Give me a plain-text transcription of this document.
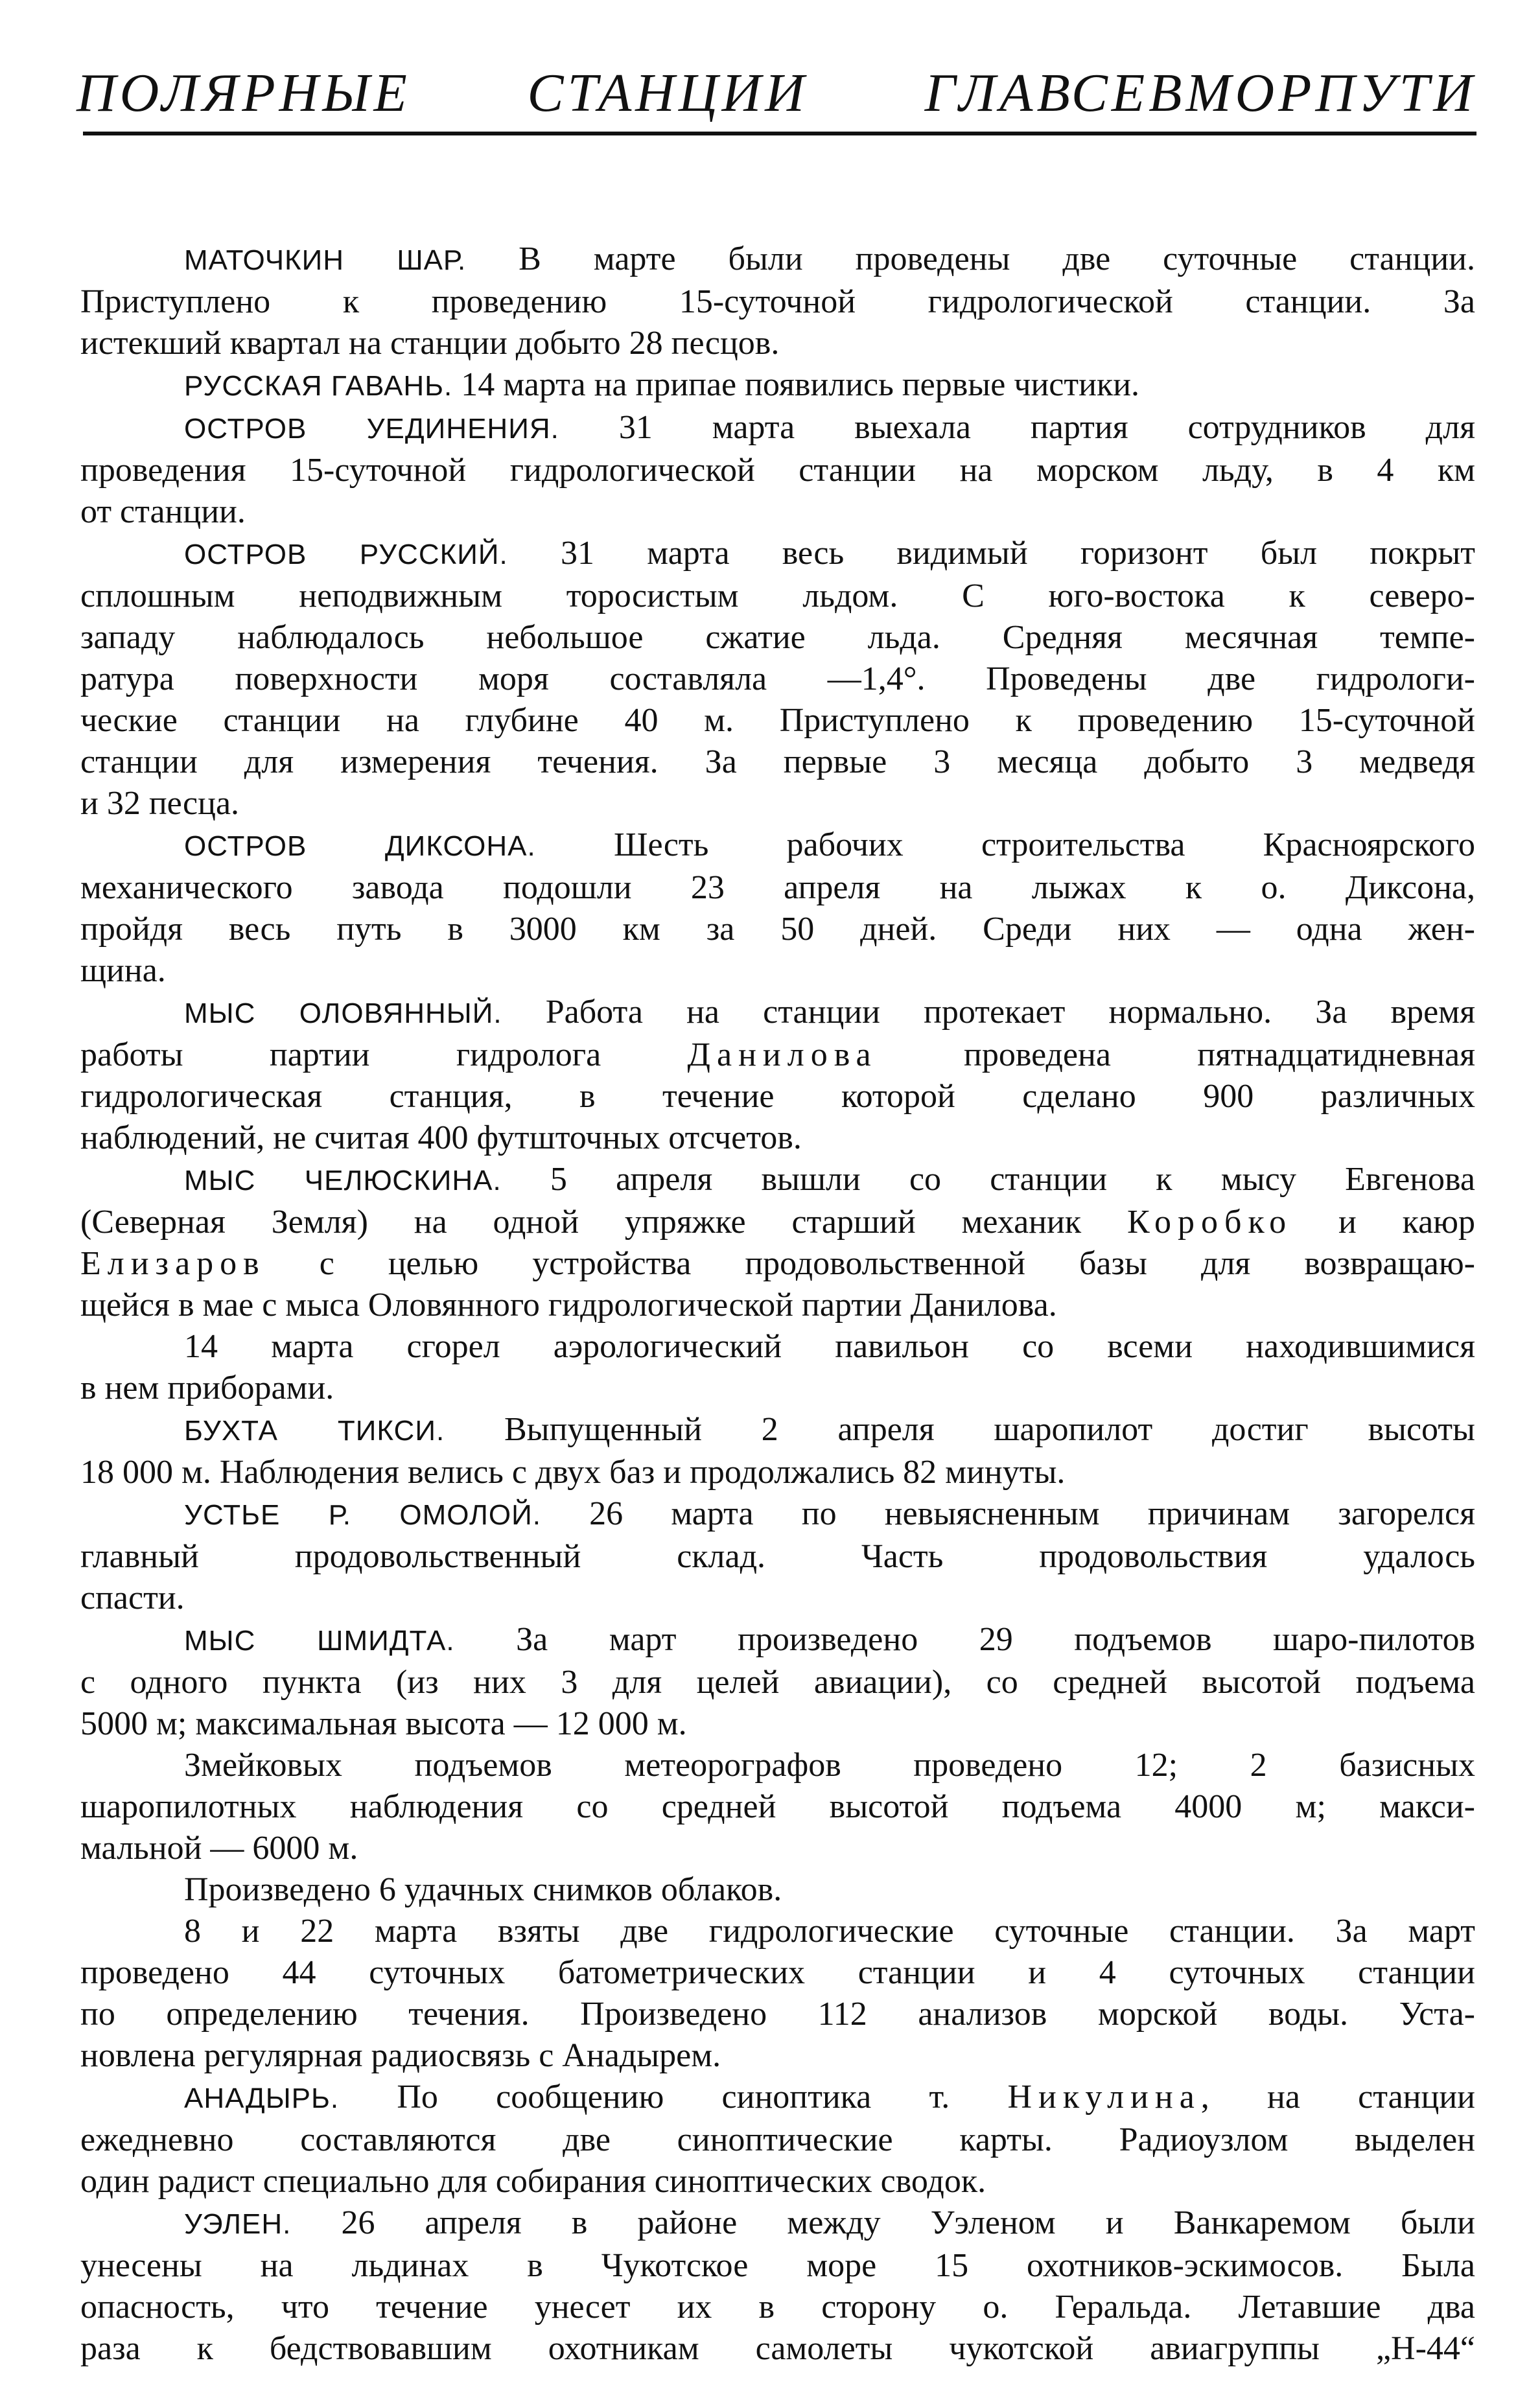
ПОЛЯРНЫЕ СТАНЦИИ ГЛАВСЕВМОРПУТИ
МАТОЧКИН ШАР. В марте были проведены две суточные станции.
Приступлено к проведению 15-суточной гидрологической станции. За
истекший квартал на станции добыто 28 песцов.
РУССКАЯ ГАВАНЬ. 14 марта на припае появились первые чистики.
ОСТРОВ УЕДИНЕНИЯ. 31 марта выехала партия сотрудников для
проведения 15-суточной гидрологической станции на морском льду, в 4 км
от станции.
ОСТРОВ РУССКИЙ. 31 марта весь видимый горизонт был покрыт
сплошным неподвижным торосистым льдом. С юго-востока к северо-
западу наблюдалось небольшое сжатие льда. Средняя месячная темпе-
ратура поверхности моря составляла —1,4°. Проведены две гидрологи-
ческие станции на глубине 40 м. Приступлено к проведению 15-суточной
станции для измерения течения. За первые 3 месяца добыто 3 медведя
и 32 песца.
ОСТРОВ ДИКСОНА. Шесть рабочих строительства Красноярского
механического завода подошли 23 апреля на лыжах к о. Диксона,
пройдя весь путь в 3000 км за 50 дней. Среди них — одна жен-
щина.
МЫС ОЛОВЯННЫЙ. Работа на станции протекает нормально. За время
работы партии гидролога Данилова проведена пятнадцатидневная
гидрологическая станция, в течение которой сделано 900 различных
наблюдений, не считая 400 футшточных отсчетов.
МЫС ЧЕЛЮСКИНА. 5 апреля вышли со станции к мысу Евгенова
(Северная Земля) на одной упряжке старший механик Коробко и каюр
Елизаров с целью устройства продовольственной базы для возвращаю-
щейся в мае с мыса Оловянного гидрологической партии Данилова.
14 марта сгорел аэрологический павильон со всеми находившимися
в нем приборами.
БУХТА ТИКСИ. Выпущенный 2 апреля шаропилот достиг высоты
18 000 м. Наблюдения велись с двух баз и продолжались 82 минуты.
УСТЬЕ Р. ОМОЛОЙ. 26 марта по невыясненным причинам загорелся
главный продовольственный склад. Часть продовольствия удалось
спасти.
МЫС ШМИДТА. За март произведено 29 подъемов шаро-пилотов
с одного пункта (из них 3 для целей авиации), со средней высотой подъема
5000 м; максимальная высота — 12 000 м.
Змейковых подъемов метеорографов проведено 12; 2 базисных
шаропилотных наблюдения со средней высотой подъема 4000 м; макси-
мальной — 6000 м.
Произведено 6 удачных снимков облаков.
8 и 22 марта взяты две гидрологические суточные станции. За март
проведено 44 суточных батометрических станции и 4 суточных станции
по определению течения. Произведено 112 анализов морской воды. Уста-
новлена регулярная радиосвязь с Анадырем.
АНАДЫРЬ. По сообщению синоптика т. Никулина, на станции
ежедневно составляются две синоптические карты. Радиоузлом выделен
один радист специально для собирания синоптических сводок.
УЭЛЕН. 26 апреля в районе между Уэленом и Ванкаремом были
унесены на льдинах в Чукотское море 15 охотников-эскимосов. Была
опасность, что течение унесет их в сторону о. Геральда. Летавшие два
раза к бедствовавшим охотникам самолеты чукотской авиагруппы „Н-44“
